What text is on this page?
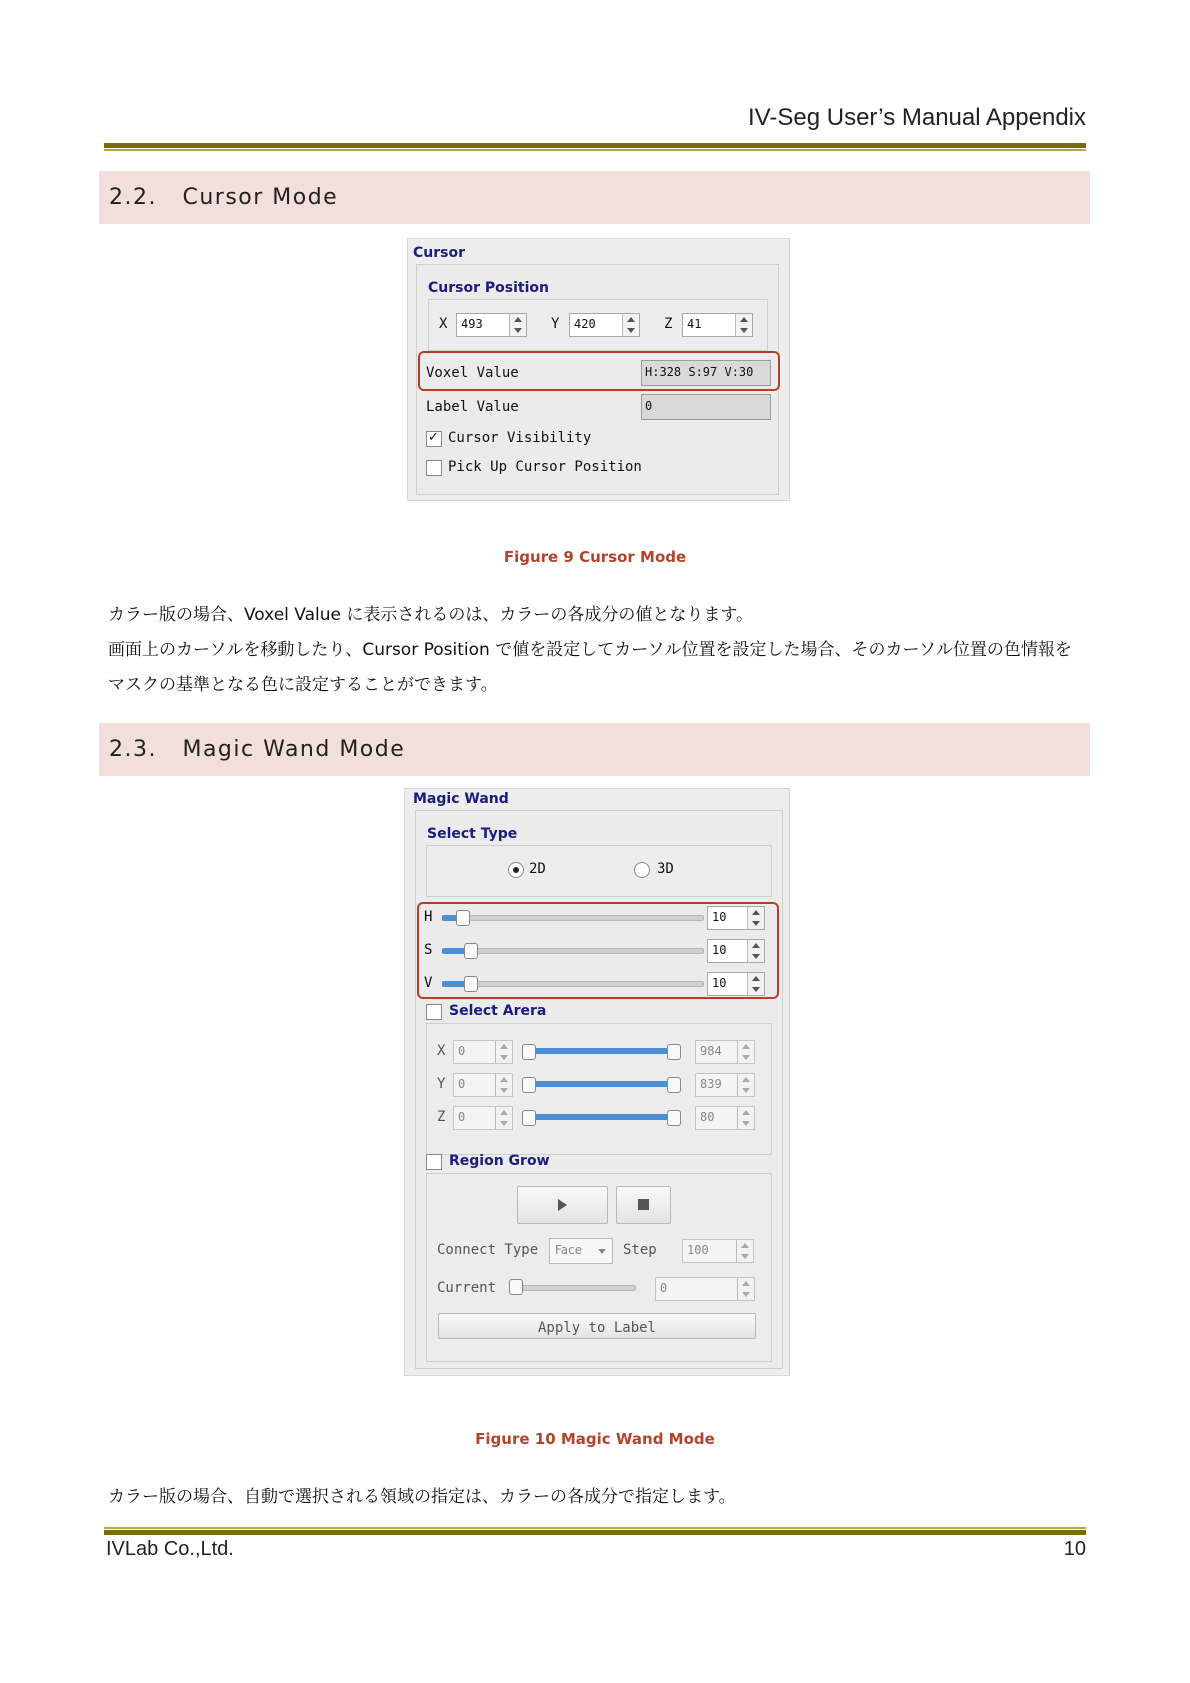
IV-Seg User’s Manual Appendix
2.2. Cursor Mode
Cursor
Cursor Position
X 493	Y 420	Z 41
Voxel Value	H:328 S:97 V:30
Label Value	0
✓ Cursor Visibility
Pick Up Cursor Position
Figure 9 Cursor Mode
カラー版の場合、Voxel Value に表示されるのは、カラーの各成分の値となります。
画面上のカーソルを移動したり、Cursor Position で値を設定してカーソル位置を設定した場合、そのカーソル位置の色情報をマスクの基準となる色に設定することができます。
2.3. Magic Wand Mode
Magic Wand
Select Type
2D	3D
H	10
S	10
V	10
Select Arera
X 0	984
Y 0	839
Z 0	80
Region Grow
Connect Type Face	Step	100
Current	0
Apply to Label
Figure 10 Magic Wand Mode
カラー版の場合、自動で選択される領域の指定は、カラーの各成分で指定します。
IVLab Co.,Ltd.	10
